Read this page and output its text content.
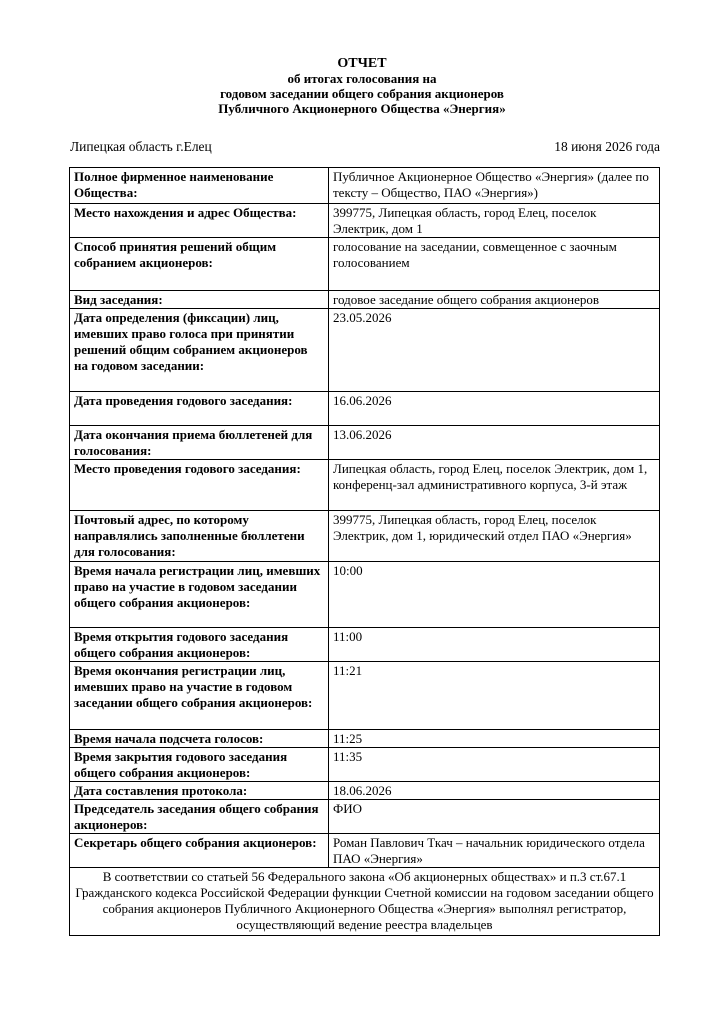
ОТЧЕТ
об итогах голосования на
годовом заседании общего собрания акционеров
Публичного Акционерного Общества «Энергия»
Липецкая область г.Елец	18 июня 2026 года
Полное фирменное наименование Общества:	Публичное Акционерное Общество «Энергия» (далее по тексту – Общество, ПАО «Энергия»)
Место нахождения и адрес Общества:	399775, Липецкая область, город Елец, поселок Электрик, дом 1
Способ принятия решений общим собранием акционеров:	голосование на заседании, совмещенное с заочным голосованием
Вид заседания:	годовое заседание общего собрания акционеров
Дата определения (фиксации) лиц, имевших право голоса при принятии решений общим собранием акционеров на годовом заседании:	23.05.2026
Дата проведения годового заседания:	16.06.2026
Дата окончания приема бюллетеней для голосования:	13.06.2026
Место проведения годового заседания:	Липецкая область, город Елец, поселок Электрик, дом 1, конференц-зал административного корпуса, 3-й этаж
Почтовый адрес, по которому направлялись заполненные бюллетени для голосования:	399775, Липецкая область, город Елец, поселок Электрик, дом 1, юридический отдел ПАО «Энергия»
Время начала регистрации лиц, имевших право на участие в годовом заседании общего собрания акционеров:	10:00
Время открытия годового заседания общего собрания акционеров:	11:00
Время окончания регистрации лиц, имевших право на участие в годовом заседании общего собрания акционеров:	11:21
Время начала подсчета голосов:	11:25
Время закрытия годового заседания общего собрания акционеров:	11:35
Дата составления протокола:	18.06.2026
Председатель заседания общего собрания акционеров:	ФИО
Секретарь общего собрания акционеров:	Роман Павлович Ткач – начальник юридического отдела ПАО «Энергия»
В соответствии со статьей 56 Федерального закона «Об акционерных обществах» и п.3 ст.67.1 Гражданского кодекса Российской Федерации функции Счетной комиссии на годовом заседании общего собрания акционеров Публичного Акционерного Общества «Энергия» выполнял регистратор, осуществляющий ведение реестра владельцев	
